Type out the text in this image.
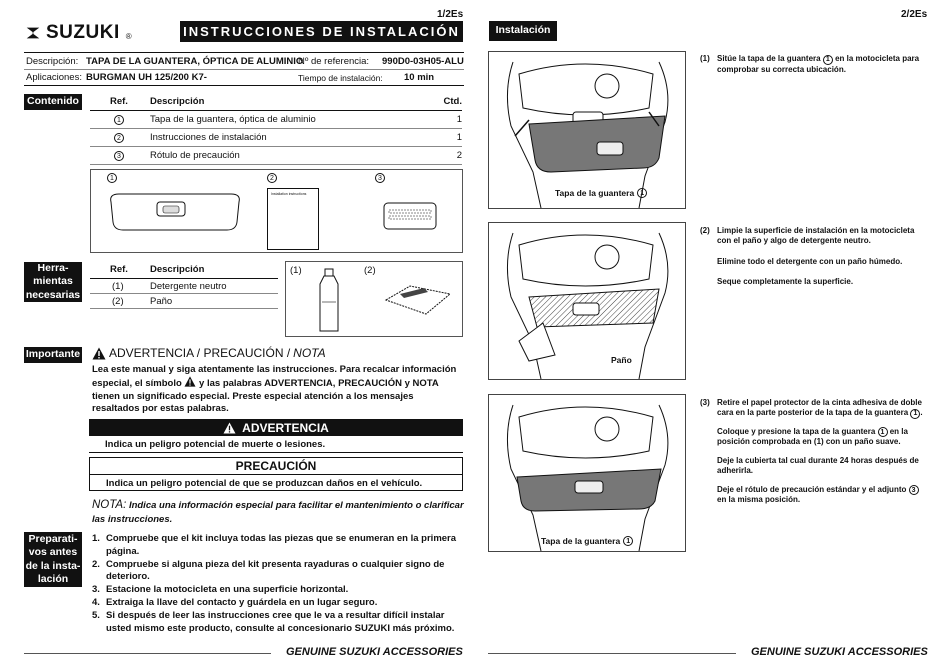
SUZUKI ®
1/2Es
INSTRUCCIONES DE INSTALACIÓN
Descripción: TAPA DE LA GUANTERA, ÓPTICA DE ALUMINIO
Nº de referencia: 990D0-03H05-ALU
Aplicaciones: BURGMAN UH 125/200 K7-	Tiempo de instalación: 10 min
Contenido	Ref.	Descripción	Ctd.
1	Tapa de la guantera, óptica de aluminio	1
2	Instrucciones de instalación	1
3	Rótulo de precaución	2
1	2	3
Installation instructions
Herra- mientas necesarias
Ref.	Descripción
(1)	Detergente neutro
(2)	Paño
(1)	(2)
Importante ADVERTENCIA / PRECAUCIÓN / NOTA
Lea este manual y siga atentamente las instrucciones. Para recalcar información especial, el símbolo y las palabras ADVERTENCIA, PRECAUCIÓN y NOTA tienen un significado especial. Preste especial atención a los mensajes resaltados por estas palabras.
ADVERTENCIA
Indica un peligro potencial de muerte o lesiones.
PRECAUCIÓN
Indica un peligro potencial de que se produzcan daños en el vehículo.
NOTA: Indica una información especial para facilitar el mantenimiento o clarificar las instrucciones.
Preparati- vos antes de la insta- lación
1. Compruebe que el kit incluya todas las piezas que se enumeran en la primera página.
2. Compruebe si alguna pieza del kit presenta rayaduras o cualquier signo de deterioro.
3. Estacione la motocicleta en una superficie horizontal.
4. Extraiga la llave del contacto y guárdela en un lugar seguro.
5. Si después de leer las instrucciones cree que le va a resultar difícil instalar usted mismo este producto, consulte al concesionario SUZUKI más próximo.
GENUINE SUZUKI ACCESSORIES
2/2Es
Instalación
Tapa de la guantera 1
Paño
Tapa de la guantera 1
(1) Sitúe la tapa de la guantera 1 en la motocicleta para comprobar su correcta ubicación.
(2) Limpie la superficie de instalación en la motocicleta con el paño y algo de detergente neutro.

Elimine todo el detergente con un paño húmedo.

Seque completamente la superficie.

(3) Retire el papel protector de la cinta adhesiva de doble cara en la parte posterior de la tapa de la guantera 1 .

Coloque y presione la tapa de la guantera 1 en la posición comprobada en (1) con un paño suave.

Deje la cubierta tal cual durante 24 horas después de adherirla.

Deje el rótulo de precaución estándar y el adjunto 3 en la misma posición.

GENUINE SUZUKI ACCESSORIES
